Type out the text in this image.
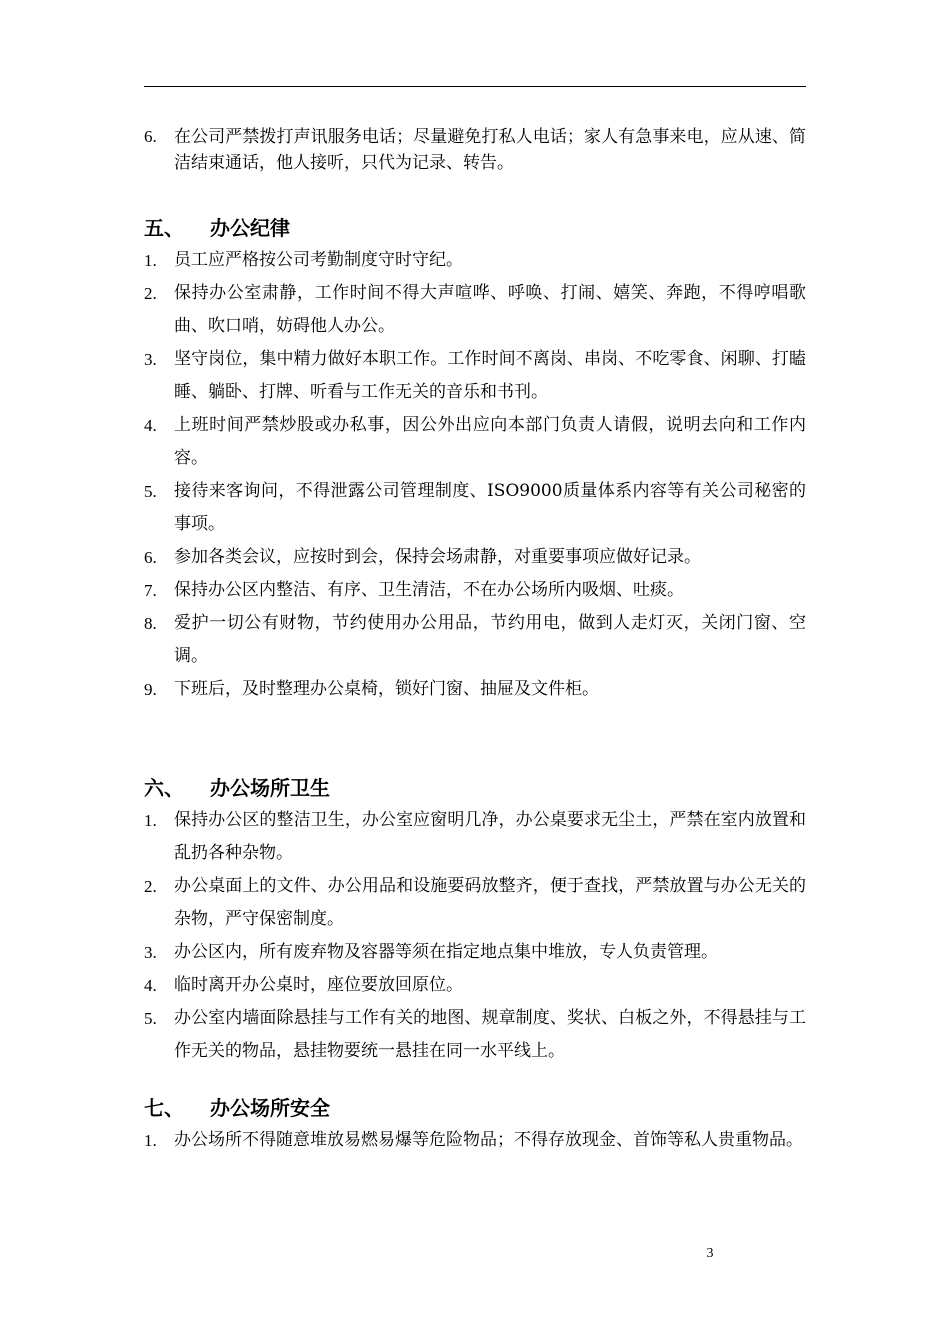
6. 在公司严禁拨打声讯服务电话；尽量避免打私人电话；家人有急事来电，应从速、简洁结束通话，他人接听，只代为记录、转告。
五、 办公纪律
1. 员工应严格按公司考勤制度守时守纪。
2. 保持办公室肃静，工作时间不得大声喧哗、呼唤、打闹、嬉笑、奔跑，不得哼唱歌曲、吹口哨，妨碍他人办公。
3. 坚守岗位，集中精力做好本职工作。工作时间不离岗、串岗、不吃零食、闲聊、打瞌睡、躺卧、打牌、听看与工作无关的音乐和书刊。
4. 上班时间严禁炒股或办私事，因公外出应向本部门负责人请假，说明去向和工作内容。
5. 接待来客询问，不得泄露公司管理制度、ISO9000质量体系内容等有关公司秘密的事项。
6. 参加各类会议，应按时到会，保持会场肃静，对重要事项应做好记录。
7. 保持办公区内整洁、有序、卫生清洁，不在办公场所内吸烟、吐痰。
8. 爱护一切公有财物，节约使用办公用品，节约用电，做到人走灯灭，关闭门窗、空调。
9. 下班后，及时整理办公桌椅，锁好门窗、抽屉及文件柜。
六、 办公场所卫生
1. 保持办公区的整洁卫生，办公室应窗明几净，办公桌要求无尘土，严禁在室内放置和乱扔各种杂物。
2. 办公桌面上的文件、办公用品和设施要码放整齐，便于查找，严禁放置与办公无关的杂物，严守保密制度。
3. 办公区内，所有废弃物及容器等须在指定地点集中堆放，专人负责管理。
4. 临时离开办公桌时，座位要放回原位。
5. 办公室内墙面除悬挂与工作有关的地图、规章制度、奖状、白板之外，不得悬挂与工作无关的物品，悬挂物要统一悬挂在同一水平线上。
七、 办公场所安全
1. 办公场所不得随意堆放易燃易爆等危险物品；不得存放现金、首饰等私人贵重物品。
3
